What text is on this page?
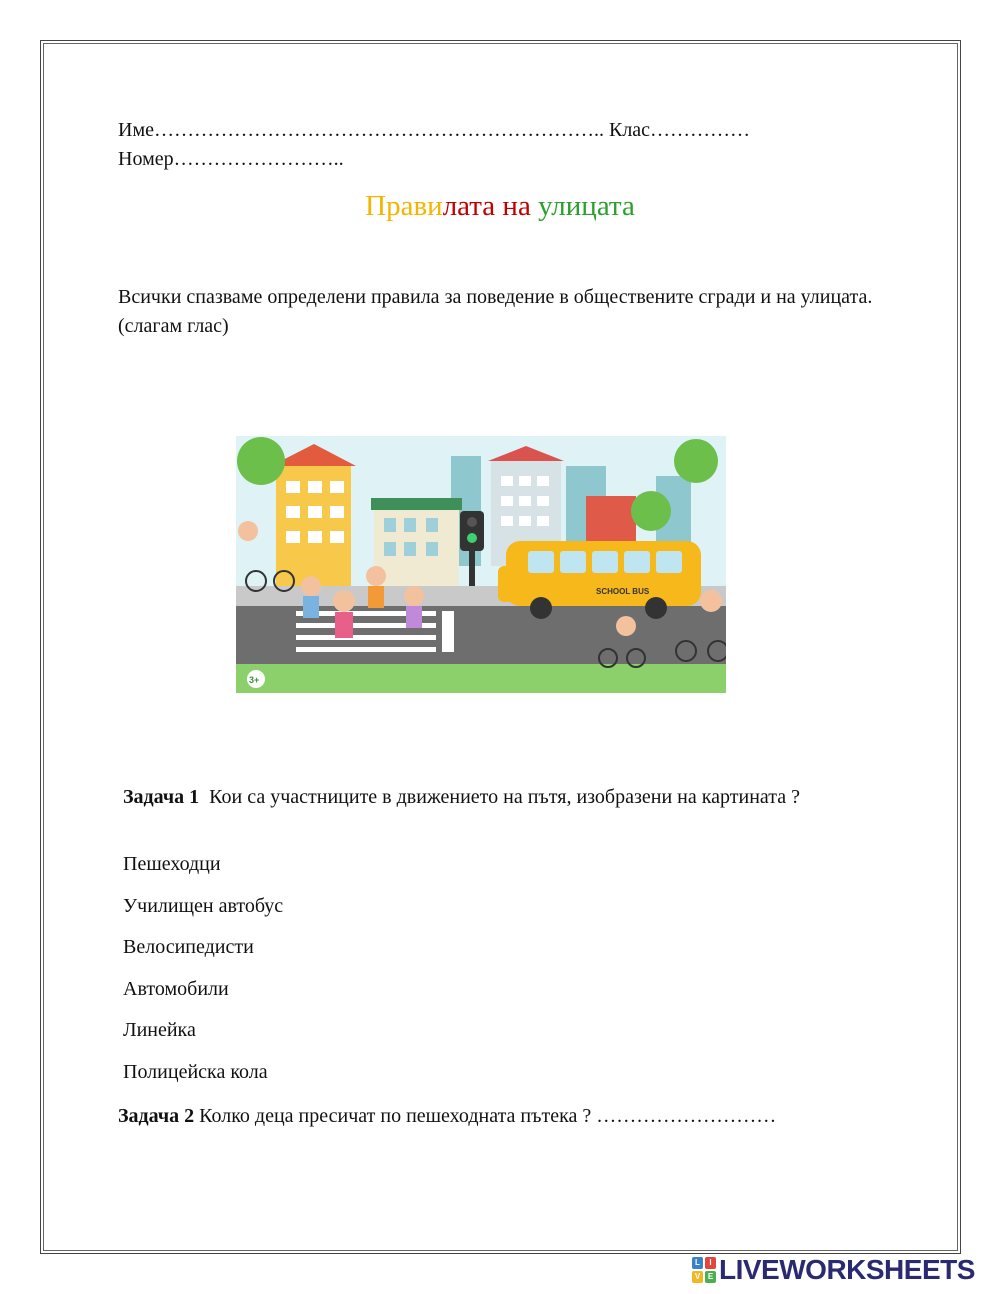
Име………………………………………………………….. Клас……………
Номер……………………..
Правилата на улицата
Всички спазваме определени правила за поведение в обществените сгради и на улицата.(слагам глас)
SCHOOL BUS
3+
Задача 1 Кои са участниците в движението на пътя, изобразени на картината ?
Пешеходци
Училищен автобус
Велосипедисти
Автомобили
Линейка
Полицейска кола
Задача 2 Колко деца пресичат по пешеходната пътека ? ………………………
L	I
V E LIVEWORKSHEETS
